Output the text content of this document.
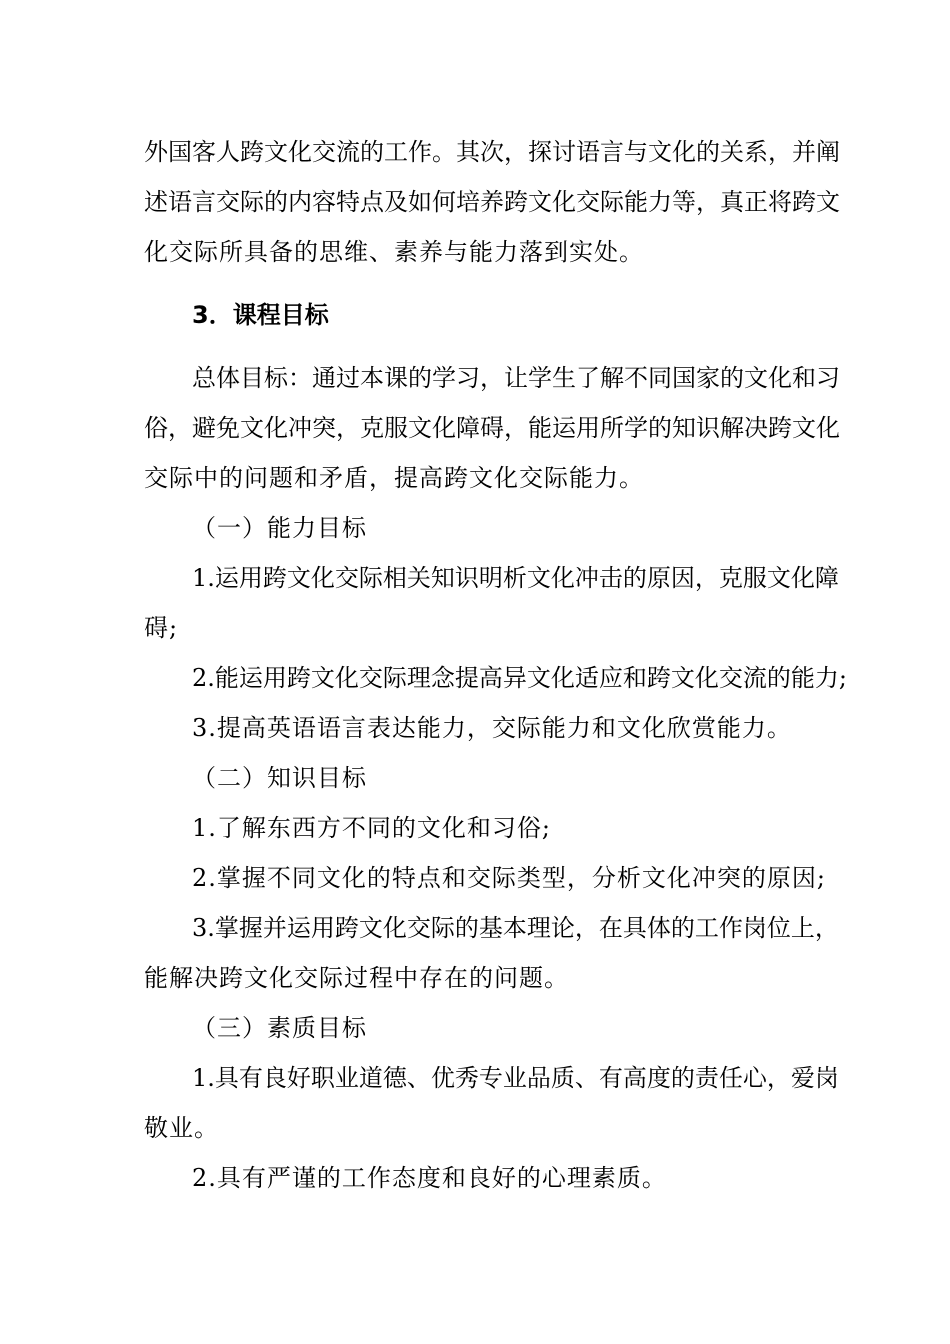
外国客人跨文化交流的工作。其次，探讨语言与文化的关系，并阐
述语言交际的内容特点及如何培养跨文化交际能力等，真正将跨文
化交际所具备的思维、素养与能力落到实处。
3．课程目标
总体目标：通过本课的学习，让学生了解不同国家的文化和习
俗，避免文化冲突，克服文化障碍，能运用所学的知识解决跨文化
交际中的问题和矛盾，提高跨文化交际能力。
（一）能力目标
1.运用跨文化交际相关知识明析文化冲击的原因，克服文化障
碍;
2.能运用跨文化交际理念提高异文化适应和跨文化交流的能力;
3.提高英语语言表达能力，交际能力和文化欣赏能力。
（二）知识目标
1.了解东西方不同的文化和习俗;
2.掌握不同文化的特点和交际类型，分析文化冲突的原因;
3.掌握并运用跨文化交际的基本理论，在具体的工作岗位上，
能解决跨文化交际过程中存在的问题。
（三）素质目标
1.具有良好职业道德、优秀专业品质、有高度的责任心，爱岗
敬业。
2.具有严谨的工作态度和良好的心理素质。
